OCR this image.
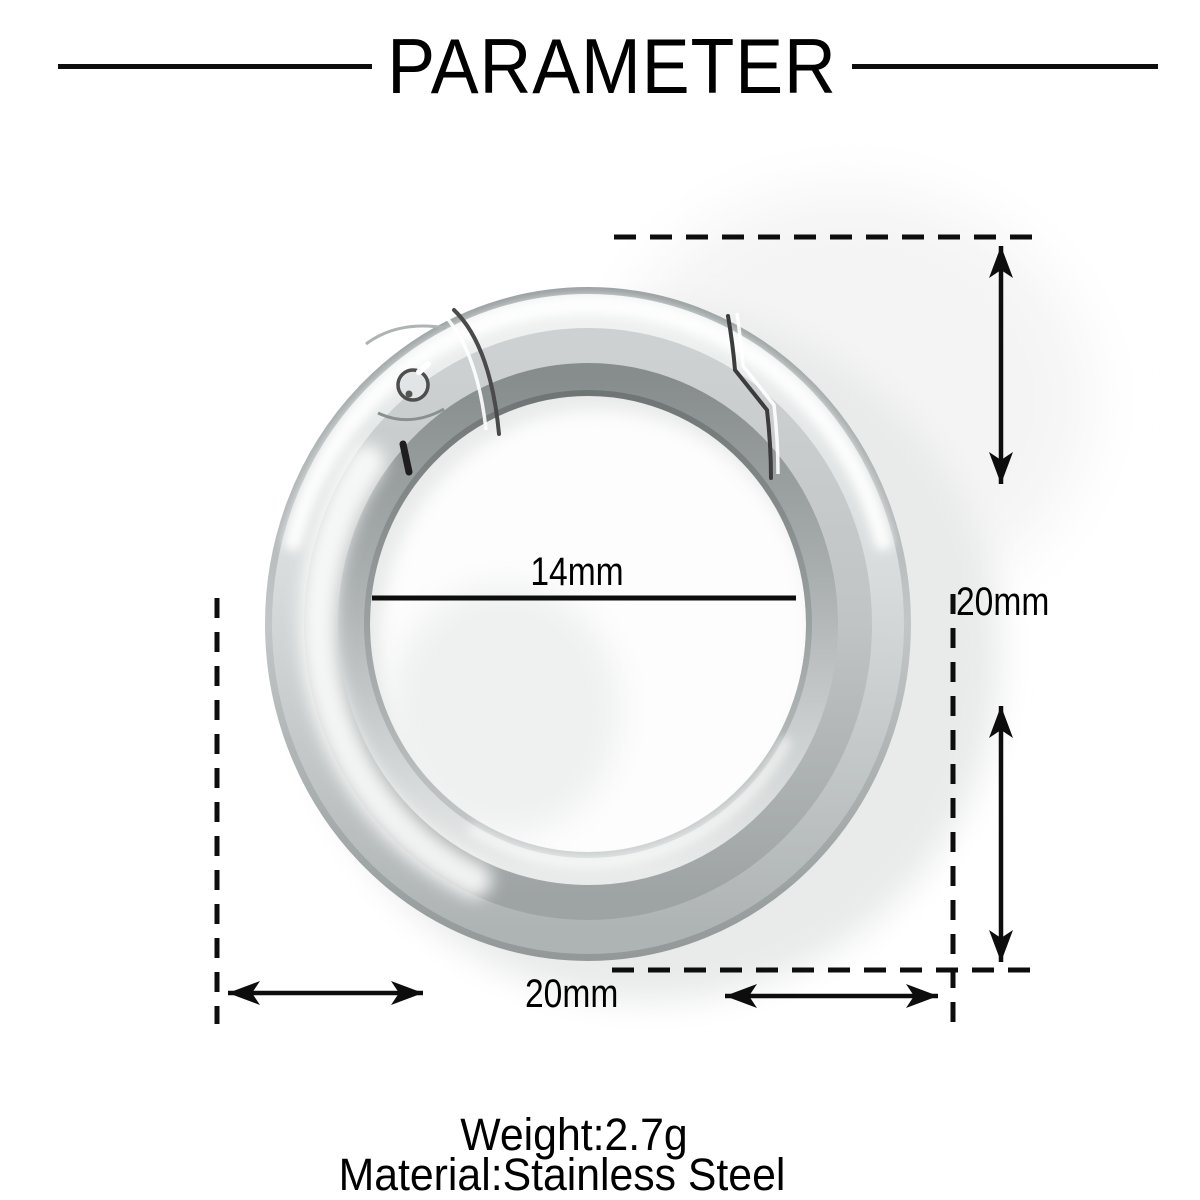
PARAMETER
14mm
20mm
20mm
Weight:2.7g
Material:Stainless Steel
